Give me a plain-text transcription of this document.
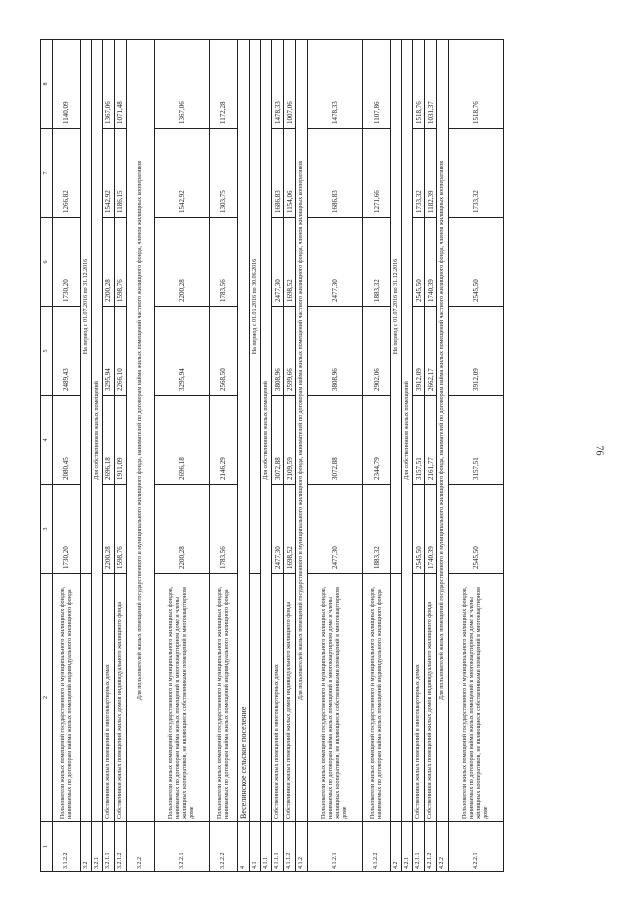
76
1	2	3	4	5	6	7	8
3.1.2.2	Пользователи жилых помещений государственного и муниципального жилищных фондов, нанимаемых по договорам найма жилых помещений индивидуального жилищного фонда	1730,20	2080,45	2489,43	1730,20	1266,82	1140,09
3.2		На период с 01.07.2016 по 31.12.2016					
3.2.1	Для собственников жилых помещений						
3.2.1.1	Собственники жилых помещений в многоквартирных домах	2200,28	2696,18	3295,94	2200,28	1542,92	1367,06
3.2.1.2	Собственники жилых помещений жилых домов индивидуального жилищного фонда	1598,76	1911,09	2266,10	1598,76	1186,15	1071,48
3.2.2	Для пользователей жилых помещений государственного и муниципального жилищного фонда, нанимателей по договорам найма жилых помещений частного жилищного фонда, членов жилищных кооперативов						
3.2.2.1	Пользователи жилых помещений государственного и муниципального жилищных фондов, нанимаемых по договорам найма жилых помещений в многоквартирном доме и члены жилищных кооперативов, не являющиеся собственниками помещений в многоквартирном доме	2200,28	2696,18	3295,94	2200,28	1542,92	1367,06
3.2.2.2	Пользователи жилых помещений государственного и муниципального жилищных фондов, нанимаемых по договорам найма жилых помещений индивидуального жилищного фонда	1783,56	2146,29	2568,50	1783,56	1303,75	1172,28
4	Веселинское сельское поселение						
4.1		На период с 01.01.2016 по 30.06.2016					
4.1.1	Для собственников жилых помещений						
4.1.1.1	Собственники жилых помещений в многоквартирных домах	2477,30	3072,88	3808,96	2477,30	1686,83	1478,33
4.1.1.2	Собственники жилых помещений жилых домов индивидуального жилищного фонда	1698,52	2109,59	2599,66	1698,52	1154,06	1007,06
4.1.2	Для пользователей жилых помещений государственного и муниципального жилищного фонда, нанимателей по договорам найма жилых помещений частного жилищного фонда, членов жилищных кооперативов						
4.1.2.1	Пользователи жилых помещений государственного и муниципального жилищных фондов, нанимаемых по договорам найма жилых помещений в многоквартирном доме и члены жилищных кооперативов, не являющиеся собственниками помещений в многоквартирном доме	2477,30	3072,88	3808,96	2477,30	1686,83	1478,33
4.1.2.2	Пользователи жилых помещений государственного и муниципального жилищных фондов, нанимаемых по договорам найма жилых помещений индивидуального жилищного фонда	1883,32	2344,79	2902,06	1883,32	1271,66	1107,86
4.2		На период с 01.07.2016 по 31.12.2016					
4.2.1	Для собственников жилых помещений						
4.2.1.1	Собственники жилых помещений в многоквартирных домах	2545,50	3157,51	3912,09	2545,50	1733,32	1518,76
4.2.1.2	Собственники жилых помещений жилых домов индивидуального жилищного фонда	1740,39	2161,77	2662,17	1740,39	1182,39	1031,37
4.2.2	Для пользователей жилых помещений государственного и муниципального жилищного фонда, нанимателей по договорам найма жилых помещений частного жилищного фонда, членов жилищных кооперативов						
4.2.2.1	Пользователи жилых помещений государственного и муниципального жилищных фондов, нанимаемых по договорам найма жилых помещений в многоквартирном доме и члены жилищных кооперативов, не являющиеся собственниками помещений в многоквартирном доме	2545,50	3157,51	3912,09	2545,50	1733,32	1518,76
